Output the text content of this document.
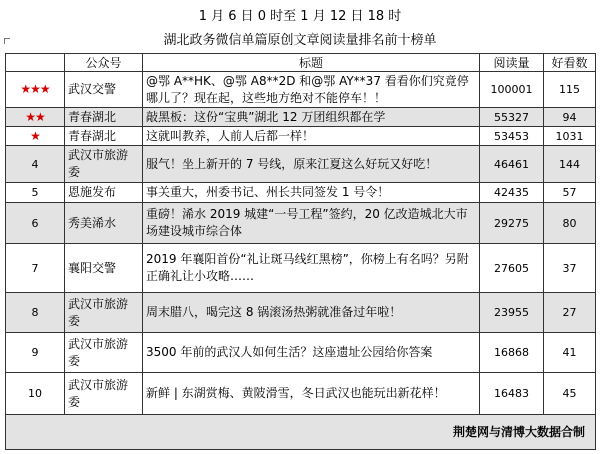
1 月 6 日 0 时至 1 月 12 日 18 时
湖北政务微信单篇原创文章阅读量排名前十榜单
	公众号	标题	阅读量	好看数
★★★	武汉交警	@鄂 A**HK、@鄂 A8**2D 和@鄂 AY**37 看看你们究竟停哪儿了？现在起，这些地方绝对不能停车！！	100001	115
★★	青春湖北	敲黑板：这份“宝典”湖北 12 万团组织都在学	55327	94
★	青春湖北	这就叫教养，人前人后都一样！	53453	1031
4	武汉市旅游委	服气！坐上新开的 7 号线，原来江夏这么好玩又好吃！	46461	144
5	恩施发布	事关重大，州委书记、州长共同签发 1 号令！	42435	57
6	秀美浠水	重磅！浠水 2019 城建“一号工程”签约，20 亿改造城北大市场建设城市综合体	29275	80
7	襄阳交警	2019 年襄阳首份“礼让斑马线红黑榜”，你榜上有名吗？另附正确礼让小攻略……	27605	37
8	武汉市旅游委	周末腊八，喝完这 8 锅滚汤热粥就准备过年啦！	23955	27
9	武汉市旅游委	3500 年前的武汉人如何生活？这座遗址公园给你答案	16868	41
10	武汉市旅游委	新鲜 | 东湖赏梅、黄陂滑雪，冬日武汉也能玩出新花样！	16483	45
荆楚网与清博大数据合制				
